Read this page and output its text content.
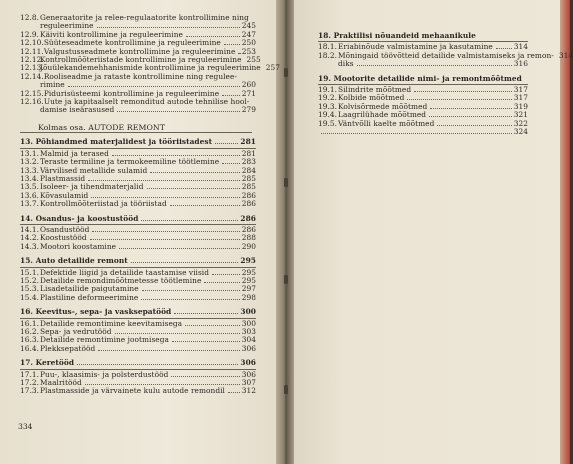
12.8. Generaatorite ja relee-regulaatorite kontrollimine ning
reguleerimine	245
12.9. Käiviti kontrollimine ja reguleerimine	247
12.10. Süüteseadmete kontrollimine ja reguleerimine	250
12.11. Valgustusseadmete kontrollimine ja reguleerimine 253
12.12.
Kontrollmõõteriistade kontrollimine ja reguleerimine 255
12.13.
Jõuülekandemehhanismide kontrollimine ja reguleerimine 257
12.14. Rooliseadme ja rataste kontrollimine ning regulee-
rimine	260
12.15. Pidurisüsteemi kontrollimine ja reguleerimine	271
12.16. Uute ja kapitaalselt remonditud autode tehnilise hool-
damise iseärasused	279
Kolmas osa. AUTODE REMONT
13. Põhiandmed materjalidest ja tööriistadest	281
13.1. Malmid ja terased	281
13.2. Teraste termiline ja termokeemiline töötlemine	283
13.3. Värvilised metallide sulamid	284
13.4. Plastmassid	285
13.5. Isoleer- ja tihendmaterjalid	285
13.6. Kõvasulamid	286
13.7. Kontrollmõõteriistad ja tööriistad	286
14. Osandus- ja koostustööd	286
14.1. Osandustööd	286
14.2. Koostustööd	288
14.3. Mootori koostamine	290
15. Auto detailide remont	295
15.1. Defektide liigid ja detailide taastamise viisid	295
15.2. Detailide remondimõõtmetesse töötlemine	295
15.3. Lisadetailide paigutamine	297
15.4. Plastiline deformeerimine	298
16. Keevitus-, sepa- ja vasksepatööd	300
16.1. Detailide remontimine keevitamisega	300
16.2. Sepa- ja vedrutööd	303
16.3. Detailide remontimine jootmisega	304
16.4. Plekksepatööd	306
17. Keretööd	306
17.1. Puu-, klaasimis- ja polsterdustööd	306
17.2. Maalritööd	307
17.3. Plastmasside ja värvainete kulu autode remondil 312
334
18. Praktilisi nõuandeid mehaanikule
18.1. Eriabinõude valmistamine ja kasutamine	314
18.2. Mõningaid töövõtteid detailide valmistamiseks ja remon- 314
diks	316
19. Mootorite detailide nimi- ja remontmõõtmed
19.1. Silindrite mõõtmed	317
19.2. Kolbide mõõtmed	317
19.3. Kolvisõrmede mõõtmed	319
19.4. Laagrilühade mõõtmed	321
19.5. Väntvõlli kaelte mõõtmed	322
324
